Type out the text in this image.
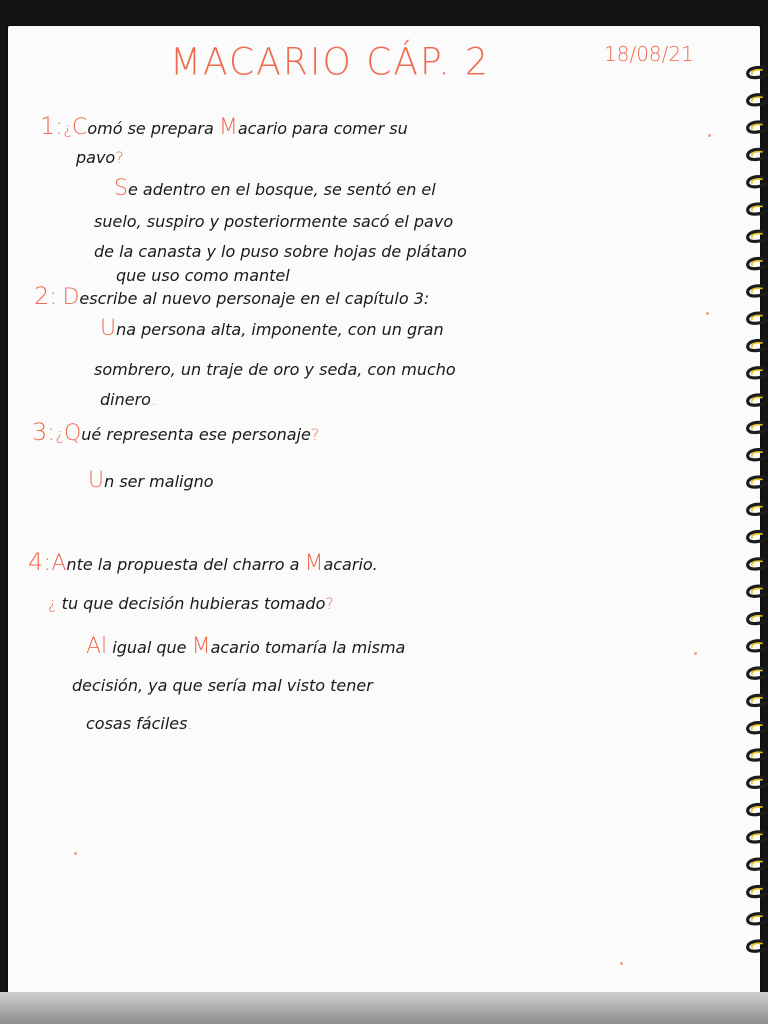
MACARIO CÁP. 2	18/08/21
1:¿Comó se prepara Macario para comer su
pavo?
Se adentro en el bosque, se sentó en el
suelo, suspiro y posteriormente sacó el pavo
de la canasta y lo puso sobre hojas de plátano
que uso como mantel
2: Describe al nuevo personaje en el capítulo 3:
Una persona alta, imponente, con un gran
sombrero, un traje de oro y seda, con mucho
dinero.
3:¿Qué representa ese personaje?
Un ser maligno
4:Ante la propuesta del charro a Macario.
¿ tu que decisión hubieras tomado?
Al igual que Macario tomaría la misma
decisión, ya que sería mal visto tener
cosas fáciles.
